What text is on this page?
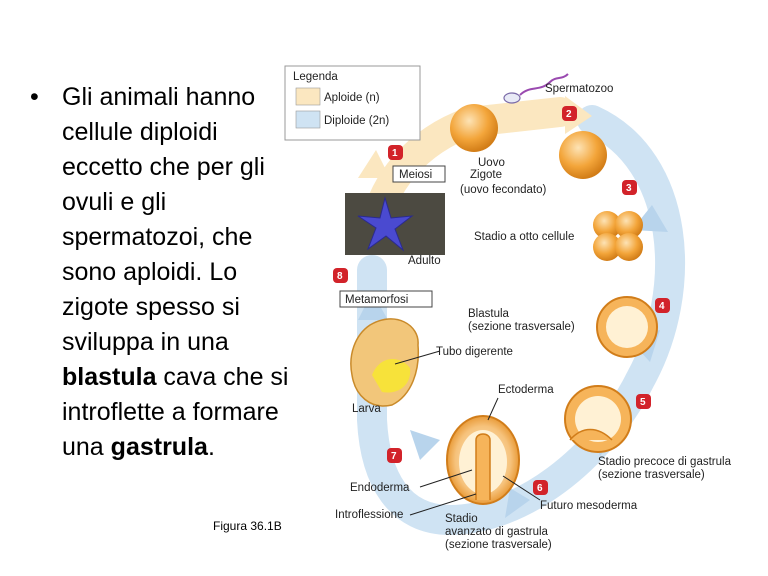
• Gli animali hanno cellule diploidi eccetto che per gli ovuli e gli spermatozoi, che sono aploidi. Lo zigote spesso si sviluppa in una blastula cava che si introflette a formare una gastrula.
Figura 36.1B
Legenda
Aploide (n)
Diploide (2n)
Spermatozoo
Uovo
Zigote
(uovo fecondato)
Meiosi
Stadio a otto cellule
Adulto
Metamorfosi
Blastula
(sezione trasversale)
Tubo digerente
Larva
Stadio precoce di gastrula
(sezione trasversale)
Ectoderma
Endoderma
Introflessione
Futuro mesoderma
Stadio
avanzato di gastrula
(sezione trasversale)
1
2
3
4
5
6
7
8
